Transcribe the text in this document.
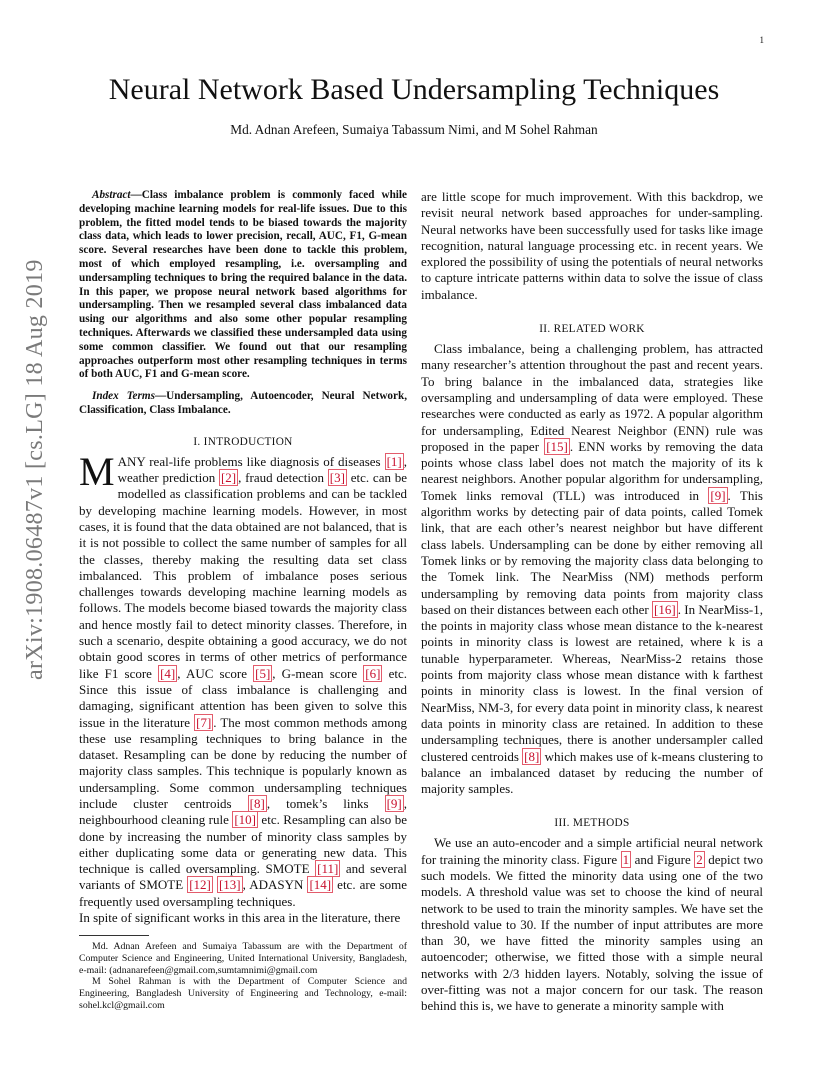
1
arXiv:1908.06487v1 [cs.LG] 18 Aug 2019
Neural Network Based Undersampling Techniques
Md. Adnan Arefeen, Sumaiya Tabassum Nimi, and M Sohel Rahman

Abstract—Class imbalance problem is commonly faced while developing machine learning models for real-life issues. Due to this problem, the fitted model tends to be biased towards the majority class data, which leads to lower precision, recall, AUC, F1, G-mean score. Several researches have been done to tackle this problem, most of which employed resampling, i.e. oversampling and undersampling techniques to bring the required balance in the data. In this paper, we propose neural network based algorithms for undersampling. Then we resampled several class imbalanced data using our algorithms and also some other popular resampling techniques. Afterwards we classified these undersampled data using some common classifier. We found out that our resampling approaches outperform most other resampling techniques in terms of both AUC, F1 and G-mean score.

Index Terms—Undersampling, Autoencoder, Neural Network, Classification, Class Imbalance.

I. INTRODUCTION

MANY real-life problems like diagnosis of diseases [1] , weather prediction [2] , fraud detection [3] etc. can be modelled as classification problems and can be tackled by developing machine learning models. However, in most cases, it is found that the data obtained are not balanced, that is it is not possible to collect the same number of samples for all the classes, thereby making the resulting data set class imbalanced. This problem of imbalance poses serious challenges towards developing machine learning models as follows. The models become biased towards the majority class and hence mostly fail to detect minority classes. Therefore, in such a scenario, despite obtaining a good accuracy, we do not obtain good scores in terms of other metrics of performance like F1 score [4] , AUC score [5] , G-mean score [6] etc. Since this issue of class imbalance is challenging and damaging, significant attention has been given to solve this issue in the literature [7] . The most common methods among these use resampling techniques to bring balance in the dataset. Resampling can be done by reducing the number of majority class samples. This technique is popularly known as undersampling. Some common undersampling techniques include cluster centroids [8] , tomek’s links [9] , neighbourhood cleaning rule [10] etc. Resampling can also be done by increasing the number of minority class samples by either duplicating some data or generating new data. This technique is called oversampling. SMOTE [11] and several variants of SMOTE [12] [13] , ADASYN [14] etc. are some frequently used oversampling techniques.

In spite of significant works in this area in the literature, there

Md. Adnan Arefeen and Sumaiya Tabassum are with the Department of Computer Science and Engineering, United International University, Bangladesh, e-mail: (adnanarefeen@gmail.com,sumtamnimi@gmail.com

M Sohel Rahman is with the Department of Computer Science and Engineering, Bangladesh University of Engineering and Technology, e-mail: sohel.kcl@gmail.com

are little scope for much improvement. With this backdrop, we revisit neural network based approaches for under-sampling. Neural networks have been successfully used for tasks like image recognition, natural language processing etc. in recent years. We explored the possibility of using the potentials of neural networks to capture intricate patterns within data to solve the issue of class imbalance.

II. RELATED WORK

Class imbalance, being a challenging problem, has attracted many researcher’s attention throughout the past and recent years. To bring balance in the imbalanced data, strategies like oversampling and undersampling of data were employed. These researches were conducted as early as 1972. A popular algorithm for undersampling, Edited Nearest Neighbor (ENN) rule was proposed in the paper [15] . ENN works by removing the data points whose class label does not match the majority of its k nearest neighbors. Another popular algorithm for undersampling, Tomek links removal (TLL) was introduced in [9] . This algorithm works by detecting pair of data points, called Tomek link, that are each other’s nearest neighbor but have different class labels. Undersampling can be done by either removing all Tomek links or by removing the majority class data belonging to the Tomek link. The NearMiss (NM) methods perform undersampling by removing data points from majority class based on their distances between each other [16] . In NearMiss-1, the points in majority class whose mean distance to the k-nearest points in minority class is lowest are retained, where k is a tunable hyperparameter. Whereas, NearMiss-2 retains those points from majority class whose mean distance with k farthest points in minority class is lowest. In the final version of NearMiss, NM-3, for every data point in minority class, k nearest data points in minority class are retained. In addition to these undersampling techniques, there is another undersampler called clustered centroids [8] which makes use of k-means clustering to balance an imbalanced dataset by reducing the number of majority samples.

III. METHODS

We use an auto-encoder and a simple artificial neural network for training the minority class. Figure 1 and Figure 2 depict two such models. We fitted the minority data using one of the two models. A threshold value was set to choose the kind of neural network to be used to train the minority samples. We have set the threshold value to 30. If the number of input attributes are more than 30, we have fitted the minority samples using an autoencoder; otherwise, we fitted those with a simple neural networks with 2/3 hidden layers. Notably, solving the issue of over-fitting was not a major concern for our task. The reason behind this is, we have to generate a minority sample with
